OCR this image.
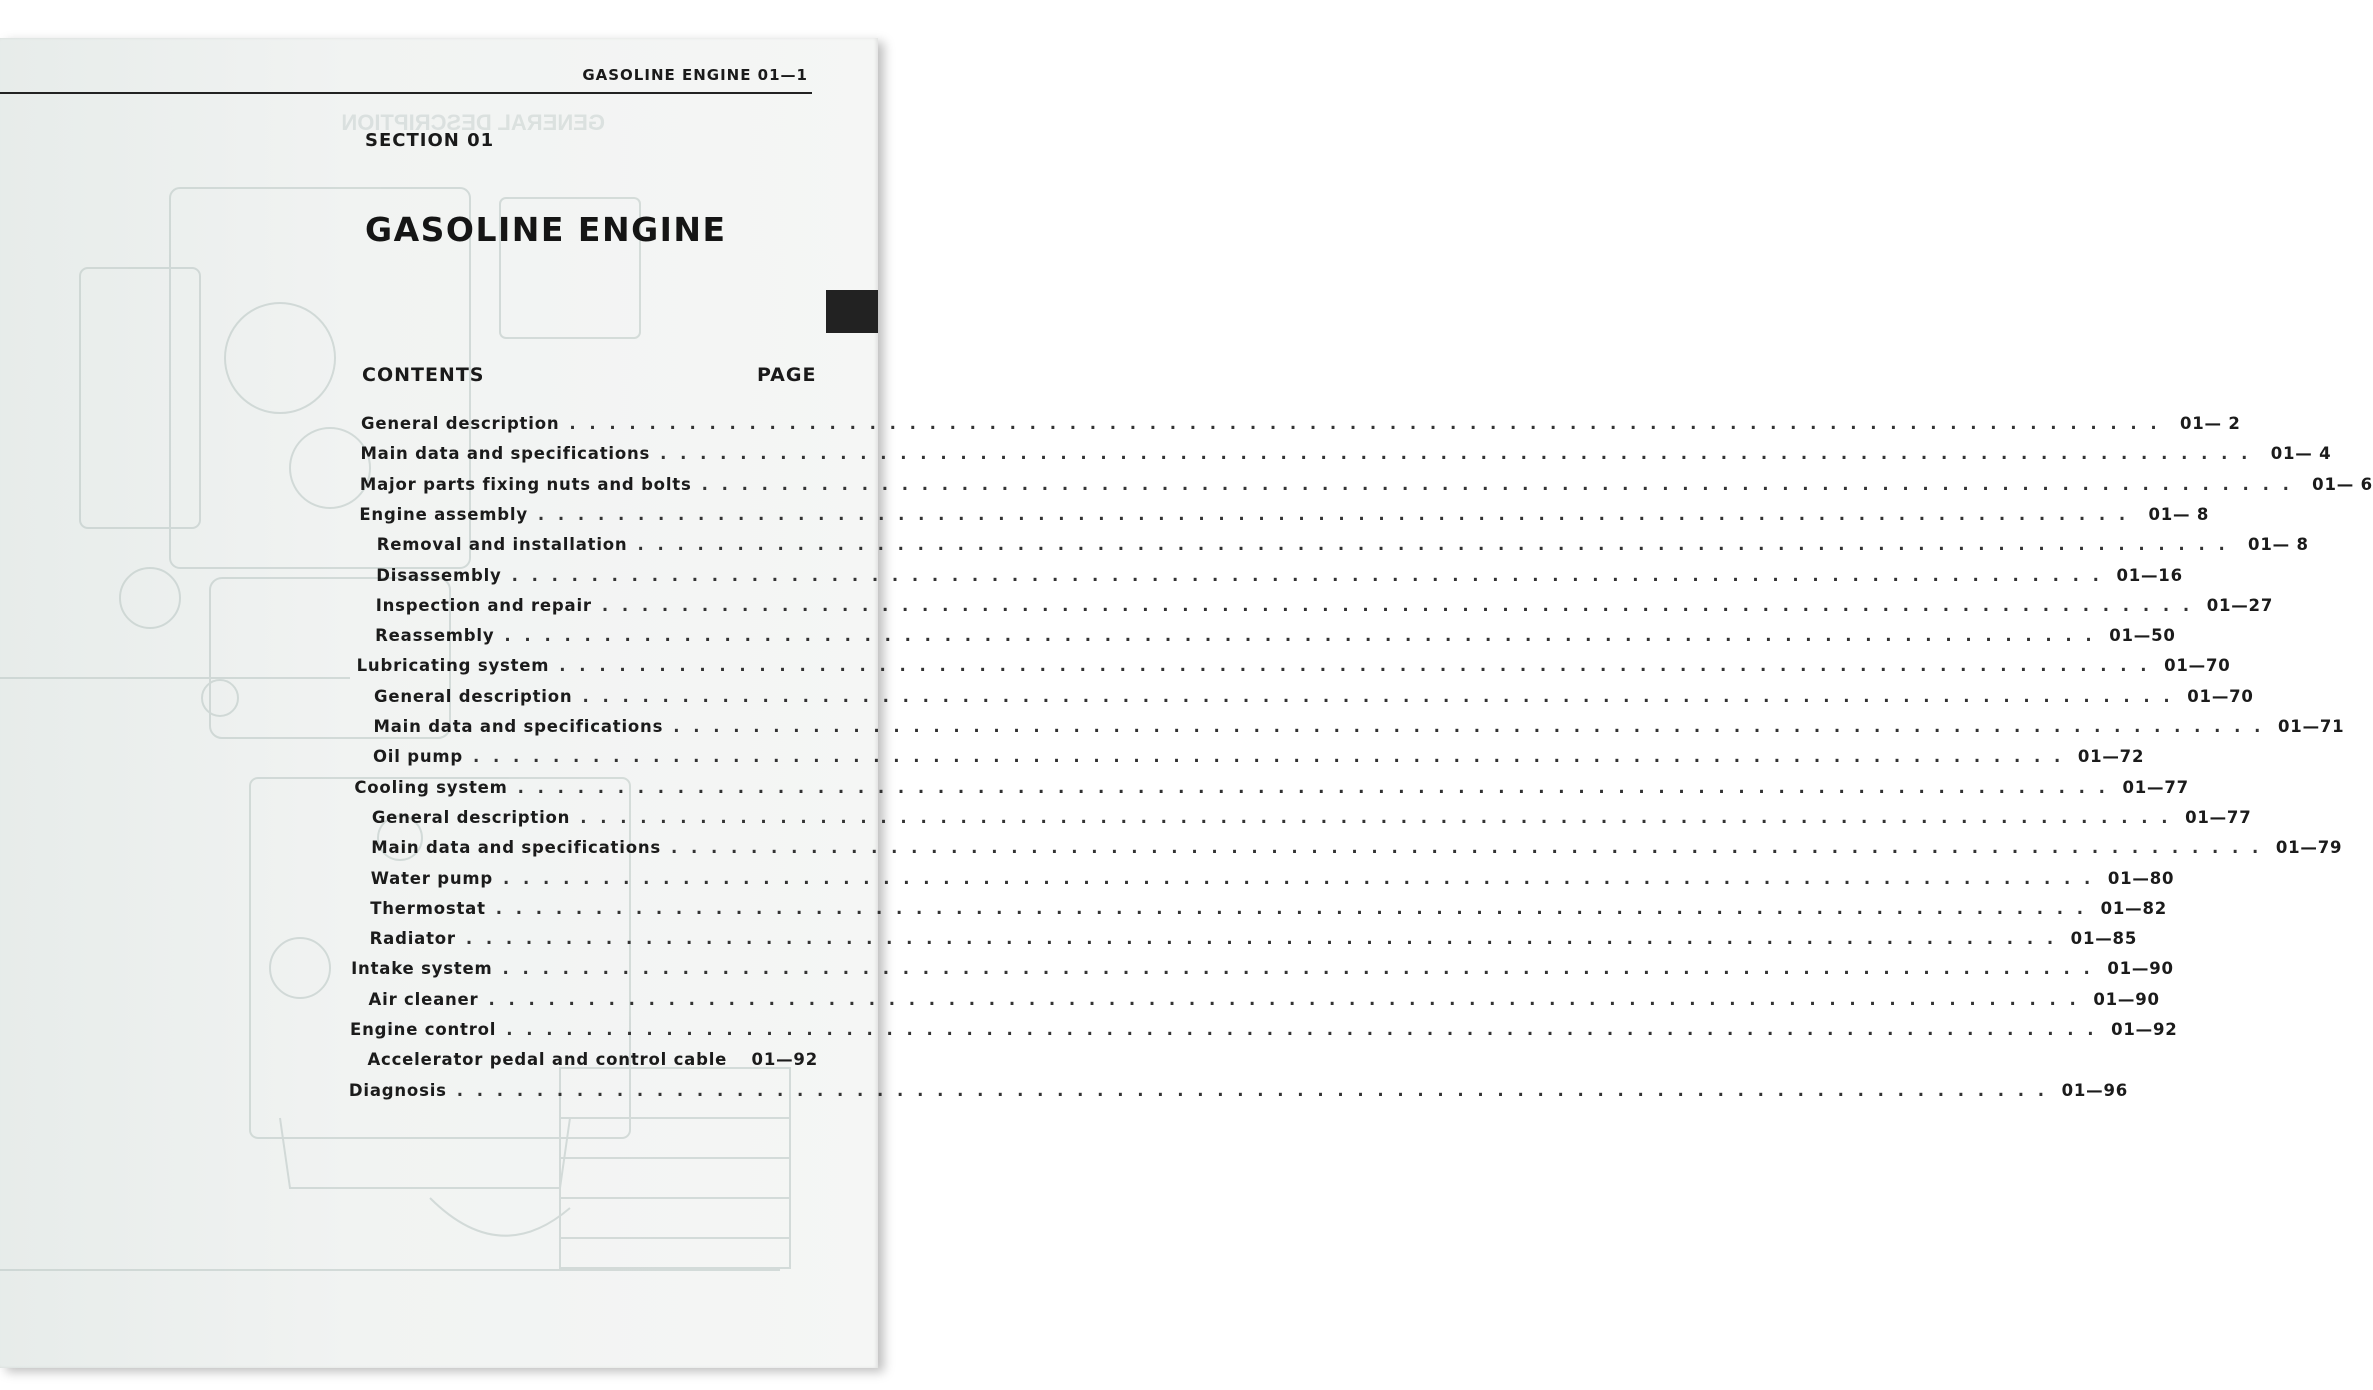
GENERAL DESCRIPTION
GASOLINE ENGINE 01—1
SECTION 01
GASOLINE ENGINE
CONTENTS	PAGE
General description . . . . . . . . . . . . . . . . . . . . . . . . . . . . . . . . . . . . . . . . . . . . . . . . . . . . . . . . . . . . . . . . . . . . . . . . . . . . . . . .	01— 2
Main data and specifications . . . . . . . . . . . . . . . . . . . . . . . . . . . . . . . . . . . . . . . . . . . . . . . . . . . . . . . . . . . . . . . . . . . . . . . . . . . . . . . .	01— 4
Major parts fixing nuts and bolts . . . . . . . . . . . . . . . . . . . . . . . . . . . . . . . . . . . . . . . . . . . . . . . . . . . . . . . . . . . . . . . . . . . . . . . . . . . . . . . .	01— 6
Engine assembly . . . . . . . . . . . . . . . . . . . . . . . . . . . . . . . . . . . . . . . . . . . . . . . . . . . . . . . . . . . . . . . . . . . . . . . . . . . . . . . .	01— 8
Removal and installation . . . . . . . . . . . . . . . . . . . . . . . . . . . . . . . . . . . . . . . . . . . . . . . . . . . . . . . . . . . . . . . . . . . . . . . . . . . . . . . .	01— 8
Disassembly . . . . . . . . . . . . . . . . . . . . . . . . . . . . . . . . . . . . . . . . . . . . . . . . . . . . . . . . . . . . . . . . . . . . . . . . . . . . . . . . 01—16
Inspection and repair . . . . . . . . . . . . . . . . . . . . . . . . . . . . . . . . . . . . . . . . . . . . . . . . . . . . . . . . . . . . . . . . . . . . . . . . . . . . . . . . 01—27
Reassembly . . . . . . . . . . . . . . . . . . . . . . . . . . . . . . . . . . . . . . . . . . . . . . . . . . . . . . . . . . . . . . . . . . . . . . . . . . . . . . . . 01—50
Lubricating system . . . . . . . . . . . . . . . . . . . . . . . . . . . . . . . . . . . . . . . . . . . . . . . . . . . . . . . . . . . . . . . . . . . . . . . . . . . . . . . . 01—70
General description . . . . . . . . . . . . . . . . . . . . . . . . . . . . . . . . . . . . . . . . . . . . . . . . . . . . . . . . . . . . . . . . . . . . . . . . . . . . . . . . 01—70
Main data and specifications . . . . . . . . . . . . . . . . . . . . . . . . . . . . . . . . . . . . . . . . . . . . . . . . . . . . . . . . . . . . . . . . . . . . . . . . . . . . . . . . 01—71
Oil pump . . . . . . . . . . . . . . . . . . . . . . . . . . . . . . . . . . . . . . . . . . . . . . . . . . . . . . . . . . . . . . . . . . . . . . . . . . . . . . . . 01—72
Cooling system . . . . . . . . . . . . . . . . . . . . . . . . . . . . . . . . . . . . . . . . . . . . . . . . . . . . . . . . . . . . . . . . . . . . . . . . . . . . . . . . 01—77
General description . . . . . . . . . . . . . . . . . . . . . . . . . . . . . . . . . . . . . . . . . . . . . . . . . . . . . . . . . . . . . . . . . . . . . . . . . . . . . . . . 01—77
Main data and specifications . . . . . . . . . . . . . . . . . . . . . . . . . . . . . . . . . . . . . . . . . . . . . . . . . . . . . . . . . . . . . . . . . . . . . . . . . . . . . . . . 01—79
Water pump . . . . . . . . . . . . . . . . . . . . . . . . . . . . . . . . . . . . . . . . . . . . . . . . . . . . . . . . . . . . . . . . . . . . . . . . . . . . . . . . 01—80
Thermostat . . . . . . . . . . . . . . . . . . . . . . . . . . . . . . . . . . . . . . . . . . . . . . . . . . . . . . . . . . . . . . . . . . . . . . . . . . . . . . . . 01—82
Radiator . . . . . . . . . . . . . . . . . . . . . . . . . . . . . . . . . . . . . . . . . . . . . . . . . . . . . . . . . . . . . . . . . . . . . . . . . . . . . . . . 01—85
Intake system . . . . . . . . . . . . . . . . . . . . . . . . . . . . . . . . . . . . . . . . . . . . . . . . . . . . . . . . . . . . . . . . . . . . . . . . . . . . . . . . 01—90
Air cleaner . . . . . . . . . . . . . . . . . . . . . . . . . . . . . . . . . . . . . . . . . . . . . . . . . . . . . . . . . . . . . . . . . . . . . . . . . . . . . . . . 01—90
Engine control . . . . . . . . . . . . . . . . . . . . . . . . . . . . . . . . . . . . . . . . . . . . . . . . . . . . . . . . . . . . . . . . . . . . . . . . . . . . . . . . 01—92
Accelerator pedal and control cable 01—92
Diagnosis . . . . . . . . . . . . . . . . . . . . . . . . . . . . . . . . . . . . . . . . . . . . . . . . . . . . . . . . . . . . . . . . . . . . . . . . . . . . . . . . 01—96
